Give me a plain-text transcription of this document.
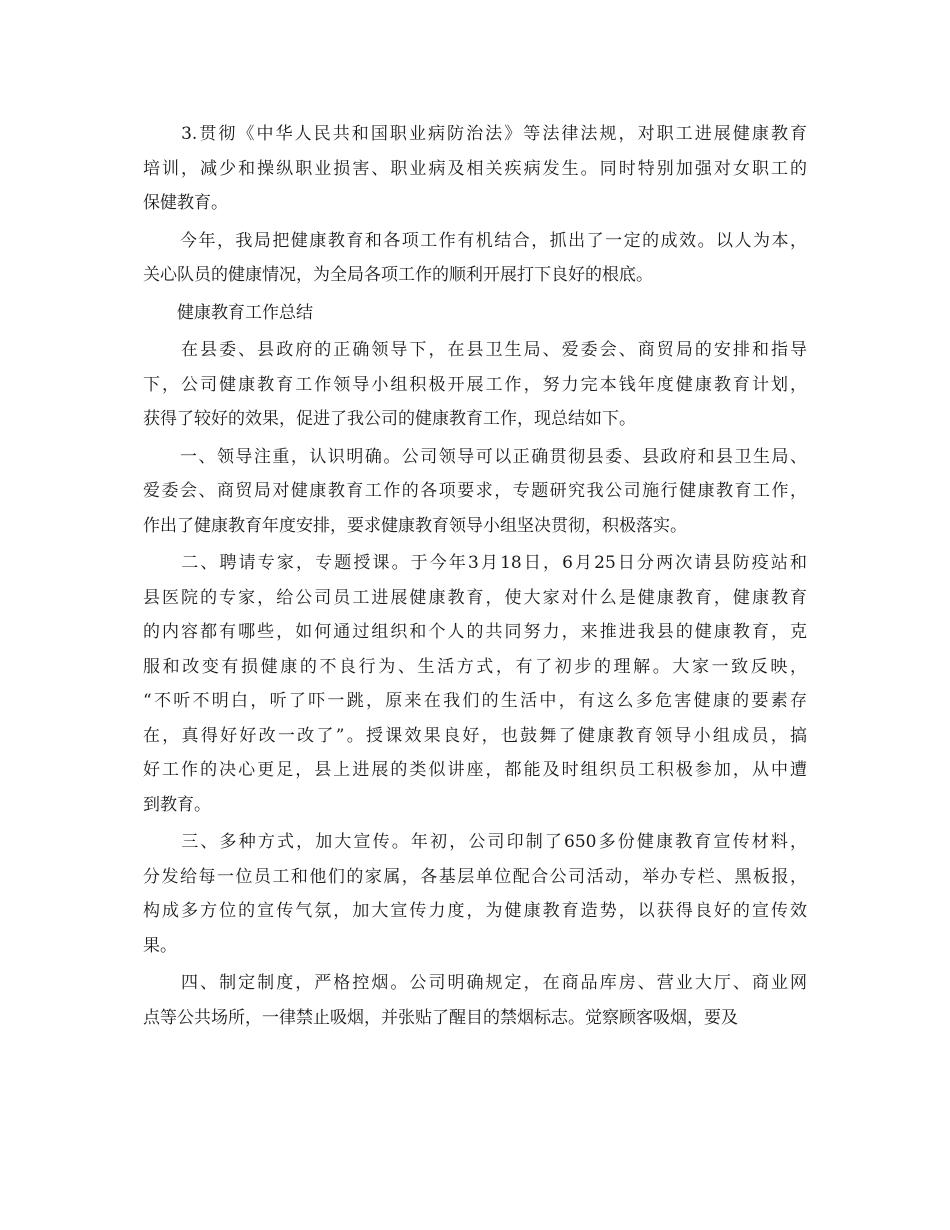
　　3.贯彻《中华人民共和国职业病防治法》等法律法规，对职工进展健康教育
培训，减少和操纵职业损害、职业病及相关疾病发生。同时特别加强对女职工的
保健教育。
　　今年，我局把健康教育和各项工作有机结合，抓出了一定的成效。以人为本，
关心队员的健康情况，为全局各项工作的顺利开展打下良好的根底。
　　健康教育工作总结
　　在县委、县政府的正确领导下，在县卫生局、爱委会、商贸局的安排和指导
下，公司健康教育工作领导小组积极开展工作，努力完本钱年度健康教育计划，
获得了较好的效果，促进了我公司的健康教育工作，现总结如下。
　　一、领导注重，认识明确。公司领导可以正确贯彻县委、县政府和县卫生局、
爱委会、商贸局对健康教育工作的各项要求，专题研究我公司施行健康教育工作，
作出了健康教育年度安排，要求健康教育领导小组坚决贯彻，积极落实。
　　二、聘请专家，专题授课。于今年3月18日，6月25日分两次请县防疫站和
县医院的专家，给公司员工进展健康教育，使大家对什么是健康教育，健康教育
的内容都有哪些，如何通过组织和个人的共同努力，来推进我县的健康教育，克
服和改变有损健康的不良行为、生活方式，有了初步的理解。大家一致反映，
“不听不明白，听了吓一跳，原来在我们的生活中，有这么多危害健康的要素存
在，真得好好改一改了”。授课效果良好，也鼓舞了健康教育领导小组成员，搞
好工作的决心更足，县上进展的类似讲座，都能及时组织员工积极参加，从中遭
到教育。
　　三、多种方式，加大宣传。年初，公司印制了650多份健康教育宣传材料，
分发给每一位员工和他们的家属，各基层单位配合公司活动，举办专栏、黑板报，
构成多方位的宣传气氛，加大宣传力度，为健康教育造势，以获得良好的宣传效
果。
　　四、制定制度，严格控烟。公司明确规定，在商品库房、营业大厅、商业网
点等公共场所，一律禁止吸烟，并张贴了醒目的禁烟标志。觉察顾客吸烟，要及
